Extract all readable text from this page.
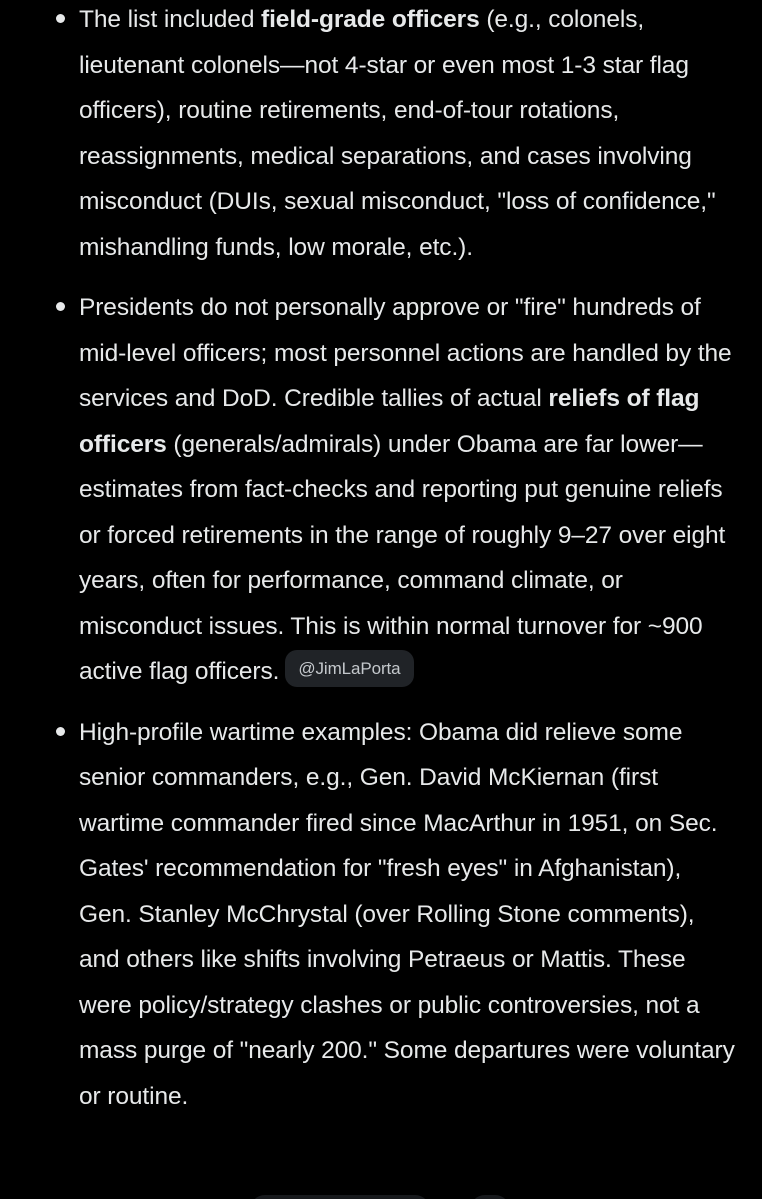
The list included field-grade officers (e.g., colonels, lieutenant colonels—not 4-star or even most 1-3 star flag officers), routine retirements, end-of-tour rotations, reassignments, medical separations, and cases involving misconduct (DUIs, sexual misconduct, "loss of confidence," mishandling funds, low morale, etc.).
Presidents do not personally approve or "fire" hundreds of mid-level officers; most personnel actions are handled by the services and DoD. Credible tallies of actual reliefs of flag officers (generals/admirals) under Obama are far lower—estimates from fact-checks and reporting put genuine reliefs or forced retirements in the range of roughly 9–27 over eight years, often for performance, command climate, or misconduct issues. This is within normal turnover for ~900 active flag officers. @JimLaPorta
High-profile wartime examples: Obama did relieve some senior commanders, e.g., Gen. David McKiernan (first wartime commander fired since MacArthur in 1951, on Sec. Gates' recommendation for "fresh eyes" in Afghanistan), Gen. Stanley McChrystal (over Rolling Stone comments), and others like shifts involving Petraeus or Mattis. These were policy/strategy clashes or public controversies, not a mass purge of "nearly 200." Some departures were voluntary or routine.
